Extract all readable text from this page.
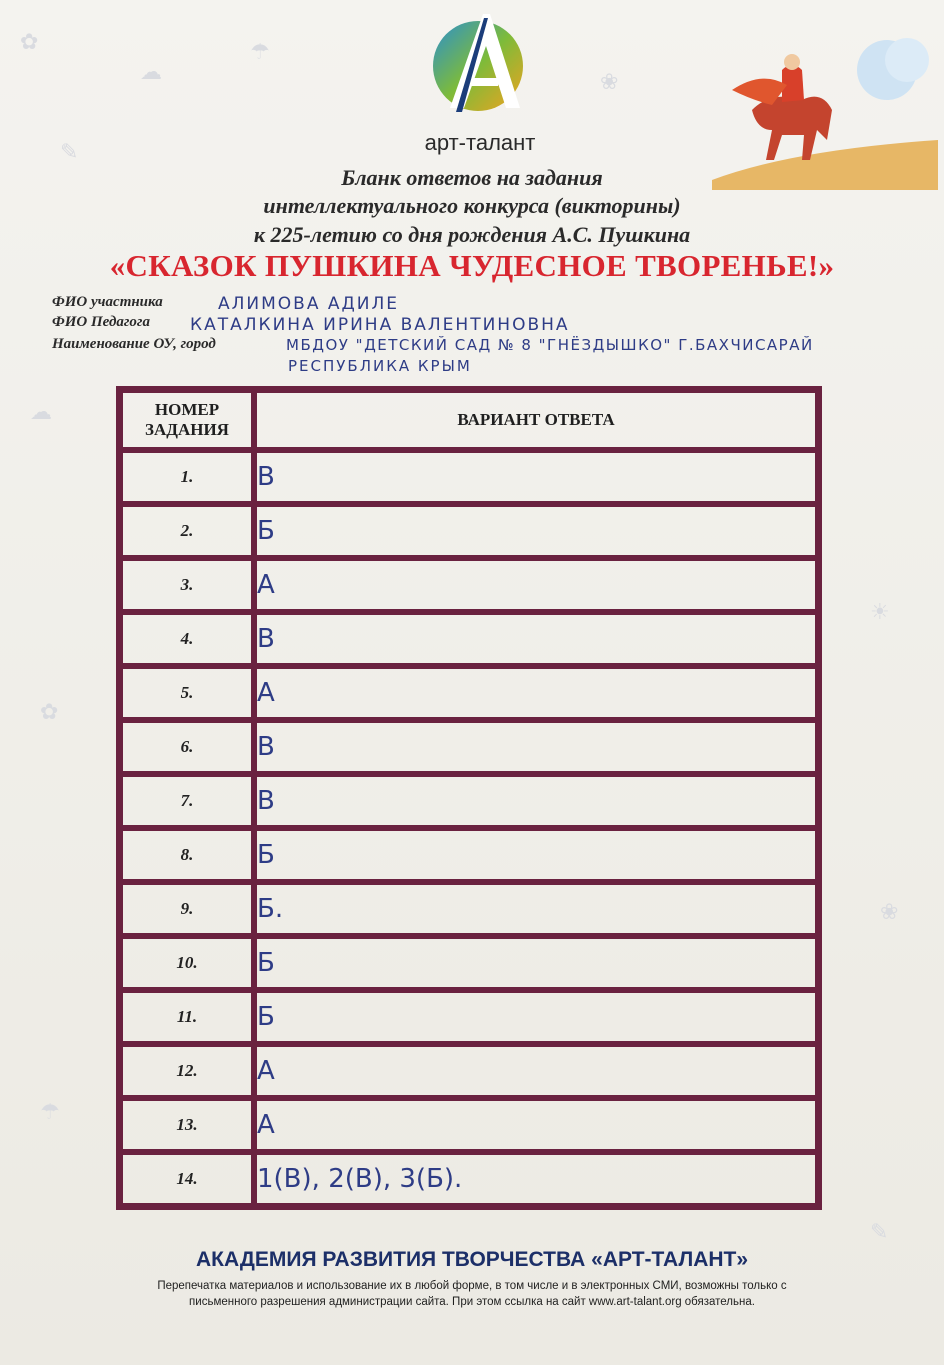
✿
☁
✎
☂
❀
☁
✿
☀
❀
☂
✎
арт-талант
Бланк ответов на задания
интеллектуального конкурса (викторины)
к 225-летию со дня рождения А.С. Пушкина
«СКАЗОК ПУШКИНА ЧУДЕСНОЕ ТВОРЕНЬЕ!»
ФИО участника	АЛИМОВА АДИЛЕ
ФИО Педагога КАТАЛКИНА ИРИНА ВАЛЕНТИНОВНА
Наименование ОУ, город	МБДОУ "ДЕТСКИЙ САД № 8 "ГНЁЗДЫШКО" Г.БАХЧИСАРАЙ
РЕСПУБЛИКА КРЫМ
НОМЕР
ЗАДАНИЯ	ВАРИАНТ ОТВЕТА
1.	В
2.	Б
3.	А
4.	В
5.	А
6.	В
7.	В
8.	Б
9.	Б.
10.	Б
11.	Б
12.	А
13.	А
14.	1(В), 2(В), 3(Б).
АКАДЕМИЯ РАЗВИТИЯ ТВОРЧЕСТВА «АРТ-ТАЛАНТ»
Перепечатка материалов и использование их в любой форме, в том числе и в электронных СМИ, возможны только с
письменного разрешения администрации сайта. При этом ссылка на сайт www.art-talant.org обязательна.
